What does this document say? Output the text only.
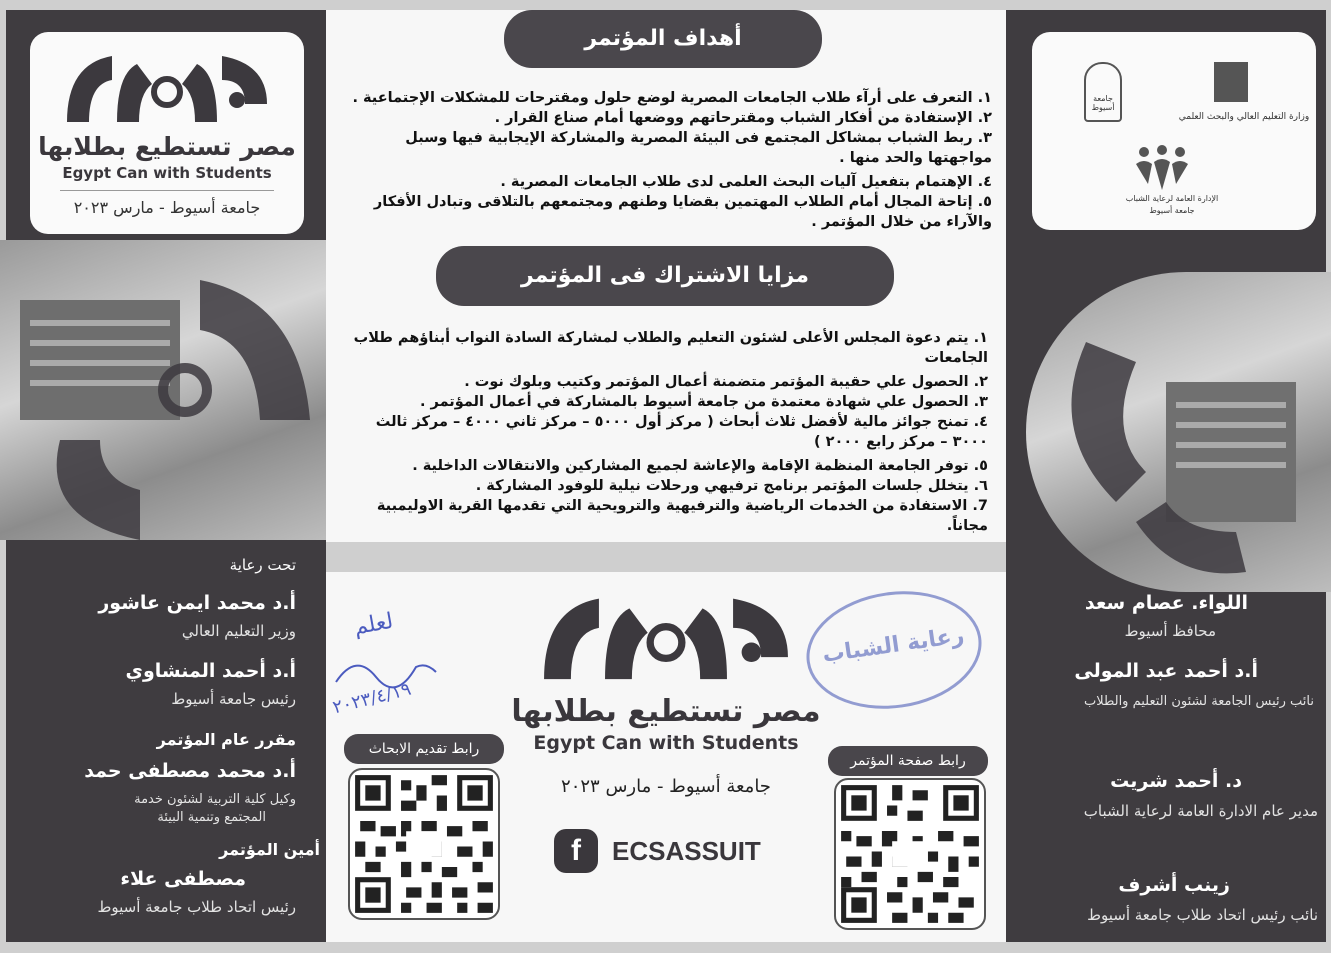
مصر تستطيع بطلابها
Egypt Can with Students
جامعة أسيوط - مارس ٢٠٢٣
تحت رعاية
أ.د محمد ايمن عاشور
وزير التعليم العالي
أ.د أحمد المنشاوي
رئيس جامعة أسيوط
مقرر عام المؤتمر
أ.د محمد مصطفى حمد
وكيل كلية التربية لشئون خدمة
المجتمع وتنمية البيئة
أمين المؤتمر
مصطفى علاء
رئيس اتحاد طلاب جامعة أسيوط
أهداف المؤتمر
١. التعرف على أرآء طلاب الجامعات المصرية لوضع حلول ومقترحات للمشكلات الإجتماعية .
٢. الإستفادة من أفكار الشباب ومقترحاتهم ووضعها أمام صناع القرار .
٣. ربط الشباب بمشاكل المجتمع فى البيئة المصرية والمشاركة الإيجابية فيها وسبل مواجهتها والحد منها .
٤. الإهتمام بتفعيل آليات البحث العلمى لدى طلاب الجامعات المصرية .
٥. إتاحة المجال أمام الطلاب المهتمين بقضايا وطنهم ومجتمعهم بالتلاقى وتبادل الأفكار والآراء من خلال المؤتمر .
مزايا الاشتراك فى المؤتمر
١. يتم دعوة المجلس الأعلى لشئون التعليم والطلاب لمشاركة السادة النواب أبناؤهم طلاب الجامعات
٢. الحصول علي حقيبة المؤتمر متضمنة أعمال المؤتمر وكتيب وبلوك نوت .
٣. الحصول علي شهادة معتمدة من جامعة أسيوط بالمشاركة في أعمال المؤتمر .
٤. تمنح جوائز مالية لأفضل ثلاث أبحاث ( مركز أول ٥٠٠٠ – مركز ثاني ٤٠٠٠ – مركز ثالث ٣٠٠٠ – مركز رابع ٢٠٠٠ )
٥. توفر الجامعة المنظمة الإقامة والإعاشة لجميع المشاركين والانتقالات الداخلية .
٦. يتخلل جلسات المؤتمر برنامج ترفيهي ورحلات نيلية للوفود المشاركة .
7. الاستفادة من الخدمات الرياضية والترفيهية والترويحية التي تقدمها القرية الاوليمبية مجاناً.
مصر تستطيع بطلابها
Egypt Can with Students
جامعة أسيوط - مارس ٢٠٢٣
f	ECSASSUIT
رابط تقديم الابحاث
رابط صفحة المؤتمر
رعاية الشباب
لعلم
٢٠٢٣/٤/١٩
جامعة أسيوط
وزارة التعليم العالي والبحث العلمي
الإدارة العامة لرعاية الشباب
جامعة أسيوط
اللواء. عصام سعد
محافظ أسيوط
أ.د أحمد عبد المولى
نائب رئيس الجامعة لشئون التعليم والطلاب
د. أحمد شريت
مدير عام الادارة العامة لرعاية الشباب
زينب أشرف
نائب رئيس اتحاد طلاب جامعة أسيوط
